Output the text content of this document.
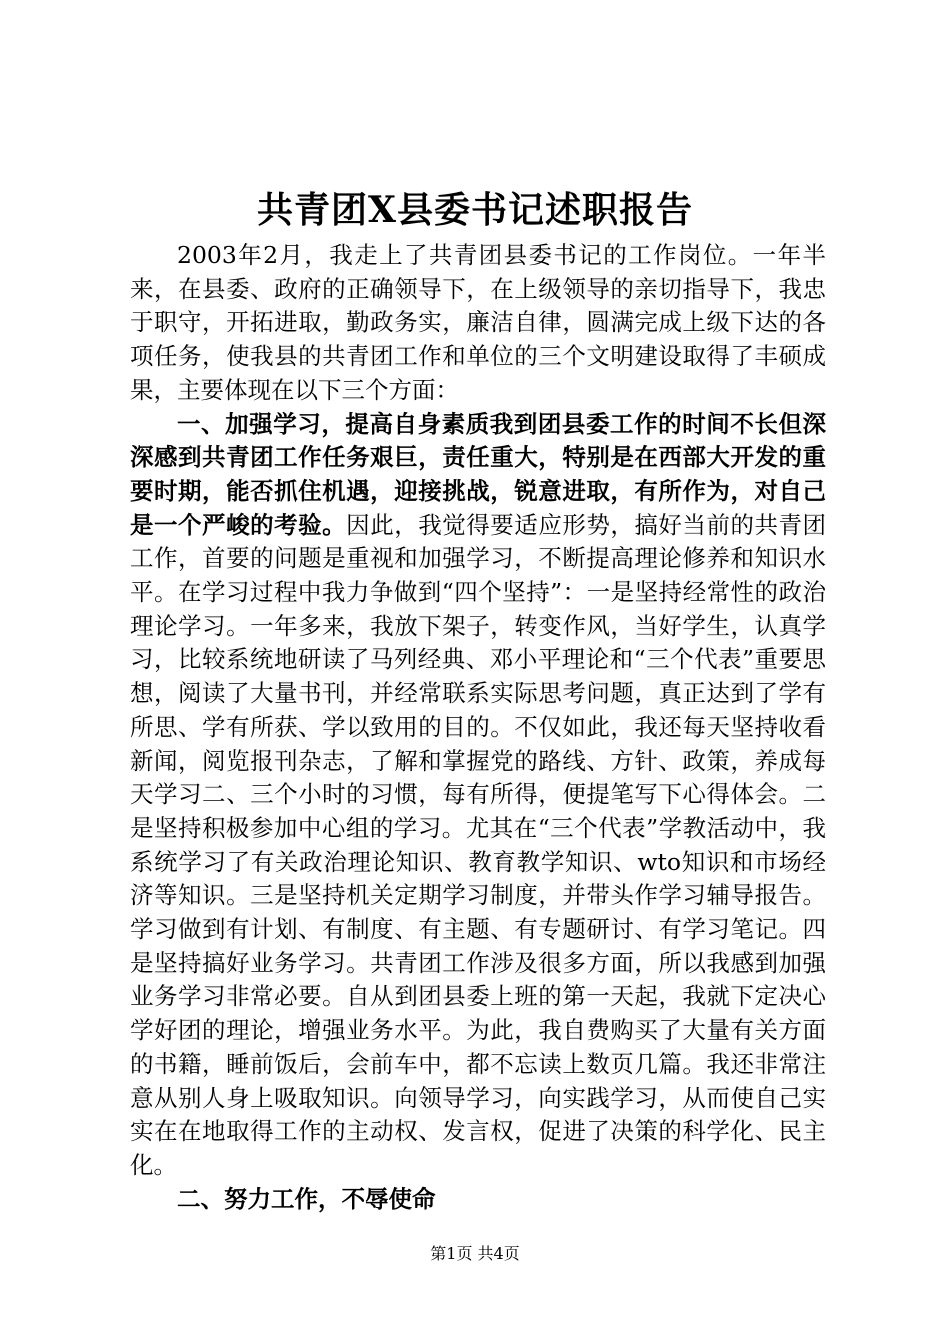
共青团X县委书记述职报告

2003年2月，我走上了共青团县委书记的工作岗位。一年半来，在县委、政府的正确领导下，在上级领导的亲切指导下，我忠于职守，开拓进取，勤政务实，廉洁自律，圆满完成上级下达的各项任务，使我县的共青团工作和单位的三个文明建设取得了丰硕成果，主要体现在以下三个方面：

一、加强学习，提高自身素质我到团县委工作的时间不长但深深感到共青团工作任务艰巨，责任重大，特别是在西部大开发的重要时期，能否抓住机遇，迎接挑战，锐意进取，有所作为，对自己是一个严峻的考验。因此，我觉得要适应形势，搞好当前的共青团工作，首要的问题是重视和加强学习，不断提高理论修养和知识水平。在学习过程中我力争做到“四个坚持”：一是坚持经常性的政治理论学习。一年多来，我放下架子，转变作风，当好学生，认真学习，比较系统地研读了马列经典、邓小平理论和“三个代表”重要思想，阅读了大量书刊，并经常联系实际思考问题，真正达到了学有所思、学有所获、学以致用的目的。不仅如此，我还每天坚持收看新闻，阅览报刊杂志，了解和掌握党的路线、方针、政策，养成每天学习二、三个小时的习惯，每有所得，便提笔写下心得体会。二是坚持积极参加中心组的学习。尤其在“三个代表”学教活动中，我系统学习了有关政治理论知识、教育教学知识、wto知识和市场经济等知识。三是坚持机关定期学习制度，并带头作学习辅导报告。学习做到有计划、有制度、有主题、有专题研讨、有学习笔记。四是坚持搞好业务学习。共青团工作涉及很多方面，所以我感到加强业务学习非常必要。自从到团县委上班的第一天起，我就下定决心学好团的理论，增强业务水平。为此，我自费购买了大量有关方面的书籍，睡前饭后，会前车中，都不忘读上数页几篇。我还非常注意从别人身上吸取知识。向领导学习，向实践学习，从而使自己实实在在地取得工作的主动权、发言权，促进了决策的科学化、民主化。

二、努力工作，不辱使命

第1页 共4页
